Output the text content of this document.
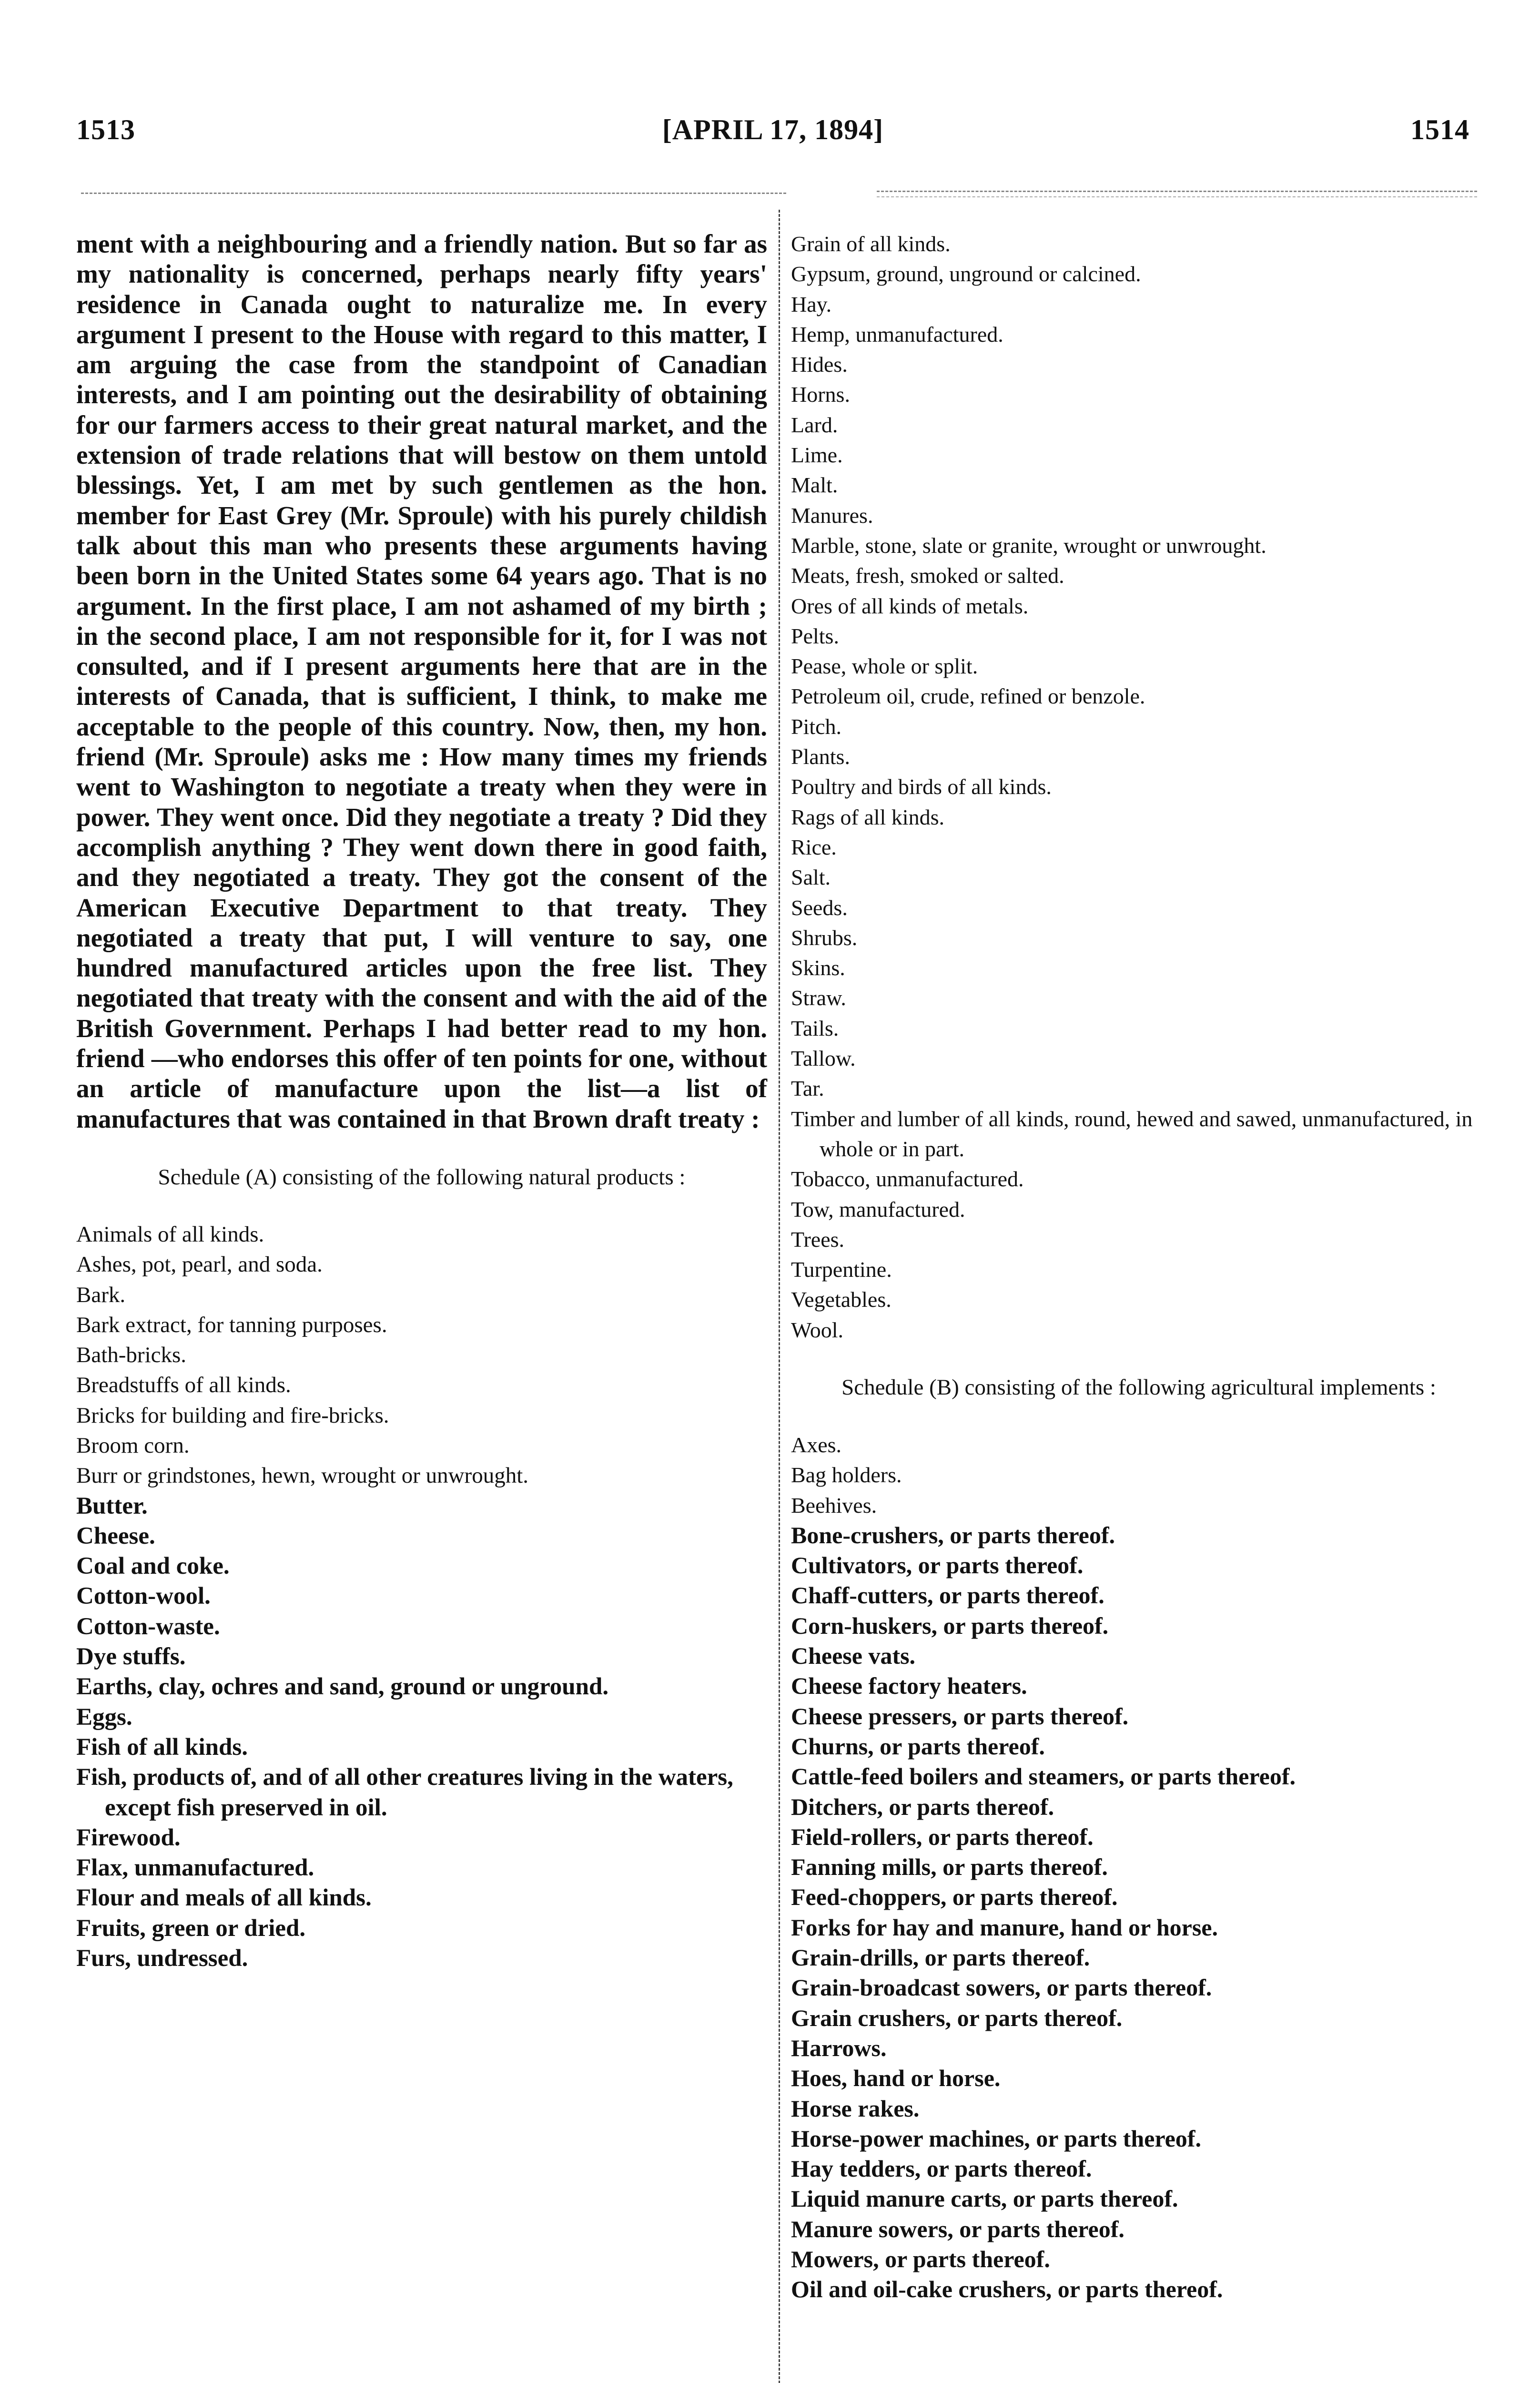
[APRIL 17, 1894]
1513	1514

ment with a neighbouring and a friendly nation. But so far as my nationality is concerned, perhaps nearly fifty years' residence in Canada ought to naturalize me. In every argument I present to the House with regard to this matter, I am arguing the case from the standpoint of Canadian interests, and I am pointing out the desirability of obtaining for our farmers access to their great natural market, and the extension of trade relations that will bestow on them untold blessings. Yet, I am met by such gentlemen as the hon. member for East Grey (Mr. Sproule) with his purely childish talk about this man who presents these arguments having been born in the United States some 64 years ago. That is no argument. In the first place, I am not ashamed of my birth ; in the second place, I am not responsible for it, for I was not consulted, and if I present arguments here that are in the interests of Canada, that is sufficient, I think, to make me acceptable to the people of this country. Now, then, my hon. friend (Mr. Sproule) asks me : How many times my friends went to Washington to negotiate a treaty when they were in power. They went once. Did they negotiate a treaty ? Did they accomplish anything ? They went down there in good faith, and they negotiated a treaty. They got the consent of the American Executive Department to that treaty. They negotiated a treaty that put, I will venture to say, one hundred manufactured articles upon the free list. They negotiated that treaty with the consent and with the aid of the British Government. Perhaps I had better read to my hon. friend —who endorses this offer of ten points for one, without an article of manufacture upon the list—a list of manufactures that was contained in that Brown draft treaty :

Schedule (A) consisting of the following natural products :

Animals of all kinds.
Ashes, pot, pearl, and soda.
Bark.
Bark extract, for tanning purposes.
Bath-bricks.
Breadstuffs of all kinds.
Bricks for building and fire-bricks.
Broom corn.
Burr or grindstones, hewn, wrought or unwrought.
Butter.
Cheese.
Coal and coke.
Cotton-wool.
Cotton-waste.
Dye stuffs.
Earths, clay, ochres and sand, ground or unground.
Eggs.
Fish of all kinds.
Fish, products of, and of all other creatures living in the waters, except fish preserved in oil.
Firewood.
Flax, unmanufactured.
Flour and meals of all kinds.
Fruits, green or dried.
Furs, undressed.
Grain of all kinds.
Gypsum, ground, unground or calcined.
Hay.
Hemp, unmanufactured.
Hides.
Horns.
Lard.
Lime.
Malt.
Manures.
Marble, stone, slate or granite, wrought or unwrought.
Meats, fresh, smoked or salted.
Ores of all kinds of metals.
Pelts.
Pease, whole or split.
Petroleum oil, crude, refined or benzole.
Pitch.
Plants.
Poultry and birds of all kinds.
Rags of all kinds.
Rice.
Salt.
Seeds.
Shrubs.
Skins.
Straw.
Tails.
Tallow.
Tar.
Timber and lumber of all kinds, round, hewed and sawed, unmanufactured, in whole or in part.
Tobacco, unmanufactured.
Tow, manufactured.
Trees.
Turpentine.
Vegetables.
Wool.

Schedule (B) consisting of the following agricultural implements :

Axes.
Bag holders.
Beehives.
Bone-crushers, or parts thereof.
Cultivators, or parts thereof.
Chaff-cutters, or parts thereof.
Corn-huskers, or parts thereof.
Cheese vats.
Cheese factory heaters.
Cheese pressers, or parts thereof.
Churns, or parts thereof.
Cattle-feed boilers and steamers, or parts thereof.
Ditchers, or parts thereof.
Field-rollers, or parts thereof.
Fanning mills, or parts thereof.
Feed-choppers, or parts thereof.
Forks for hay and manure, hand or horse.
Grain-drills, or parts thereof.
Grain-broadcast sowers, or parts thereof.
Grain crushers, or parts thereof.
Harrows.
Hoes, hand or horse.
Horse rakes.
Horse-power machines, or parts thereof.
Hay tedders, or parts thereof.
Liquid manure carts, or parts thereof.
Manure sowers, or parts thereof.
Mowers, or parts thereof.
Oil and oil-cake crushers, or parts thereof.
